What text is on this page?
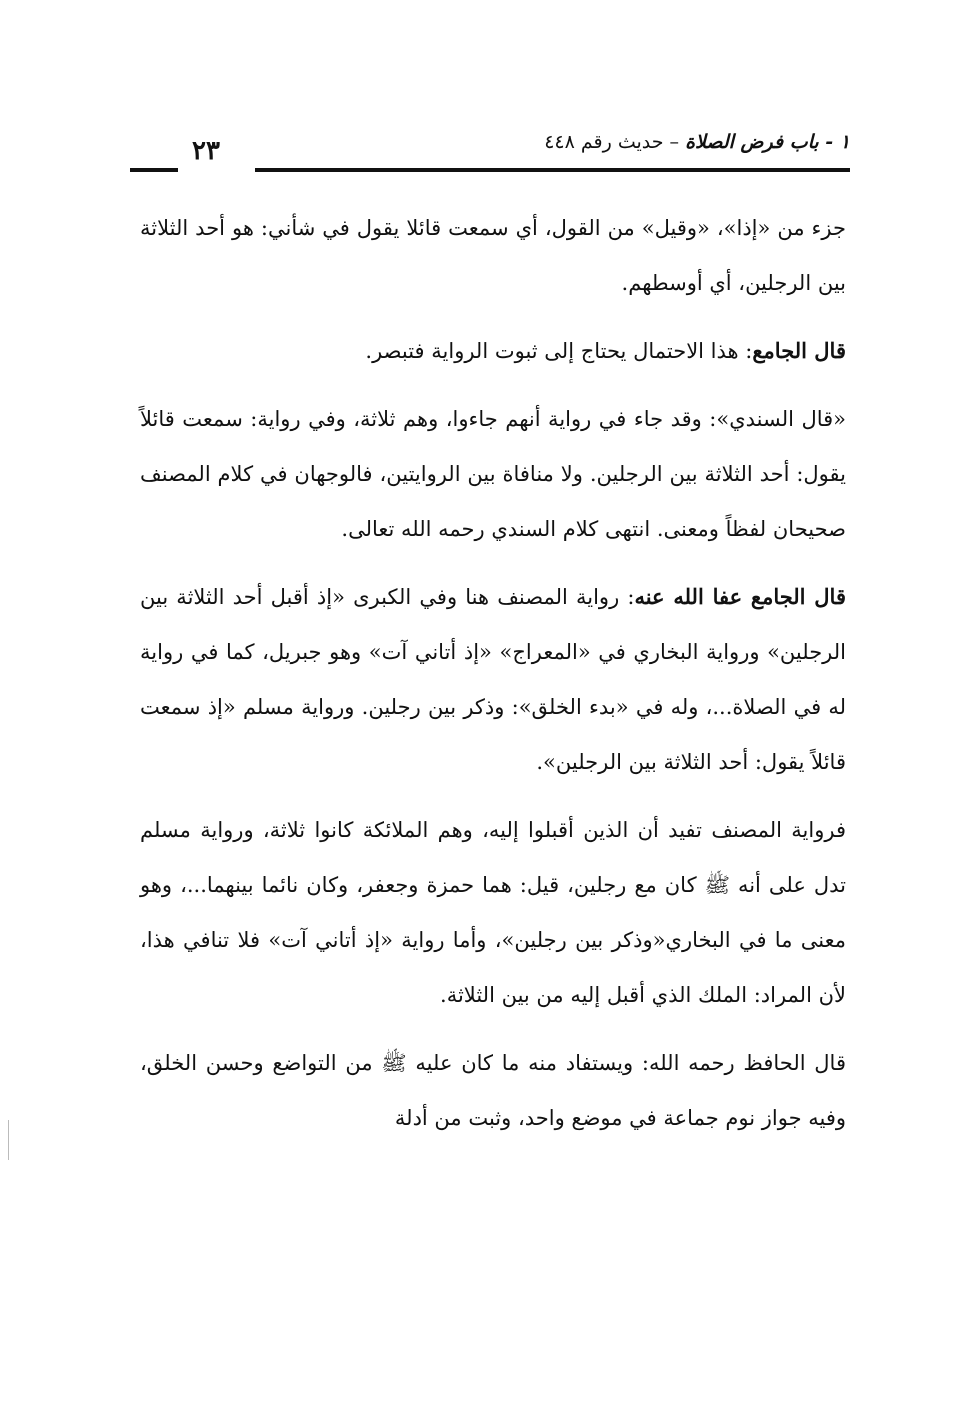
١ - باب فرض الصلاة – حديث رقم ٤٤٨
٢٣

جزء من «إذا»، «وقيل» من القول، أي سمعت قائلا يقول في شأني: هو أحد الثلاثة بين الرجلين، أي أوسطهم.

قال الجامع: هذا الاحتمال يحتاج إلى ثبوت الرواية فتبصر.

«قال السندي»: وقد جاء في رواية أنهم جاءوا، وهم ثلاثة، وفي رواية: سمعت قائلاً يقول: أحد الثلاثة بين الرجلين. ولا منافاة بين الروايتين، فالوجهان في كلام المصنف صحيحان لفظاً ومعنى. انتهى كلام السندي رحمه الله تعالى.

قال الجامع عفا الله عنه: رواية المصنف هنا وفي الكبرى «إذ أقبل أحد الثلاثة بين الرجلين» ورواية البخاري في «المعراج» «إذ أتاني آت» وهو جبريل، كما في رواية له في الصلاة...، وله في «بدء الخلق»: وذكر بين رجلين. ورواية مسلم «إذ سمعت قائلاً يقول: أحد الثلاثة بين الرجلين».

فرواية المصنف تفيد أن الذين أقبلوا إليه، وهم الملائكة كانوا ثلاثة، ورواية مسلم تدل على أنه ﷺ كان مع رجلين، قيل: هما حمزة وجعفر، وكان نائما بينهما...، وهو معنى ما في البخاري«وذكر بين رجلين»، وأما رواية «إذ أتاني آت» فلا تنافي هذا، لأن المراد: الملك الذي أقبل إليه من بين الثلاثة.

قال الحافظ رحمه الله: ويستفاد منه ما كان عليه ﷺ من التواضع وحسن الخلق، وفيه جواز نوم جماعة في موضع واحد، وثبت من أدلة
